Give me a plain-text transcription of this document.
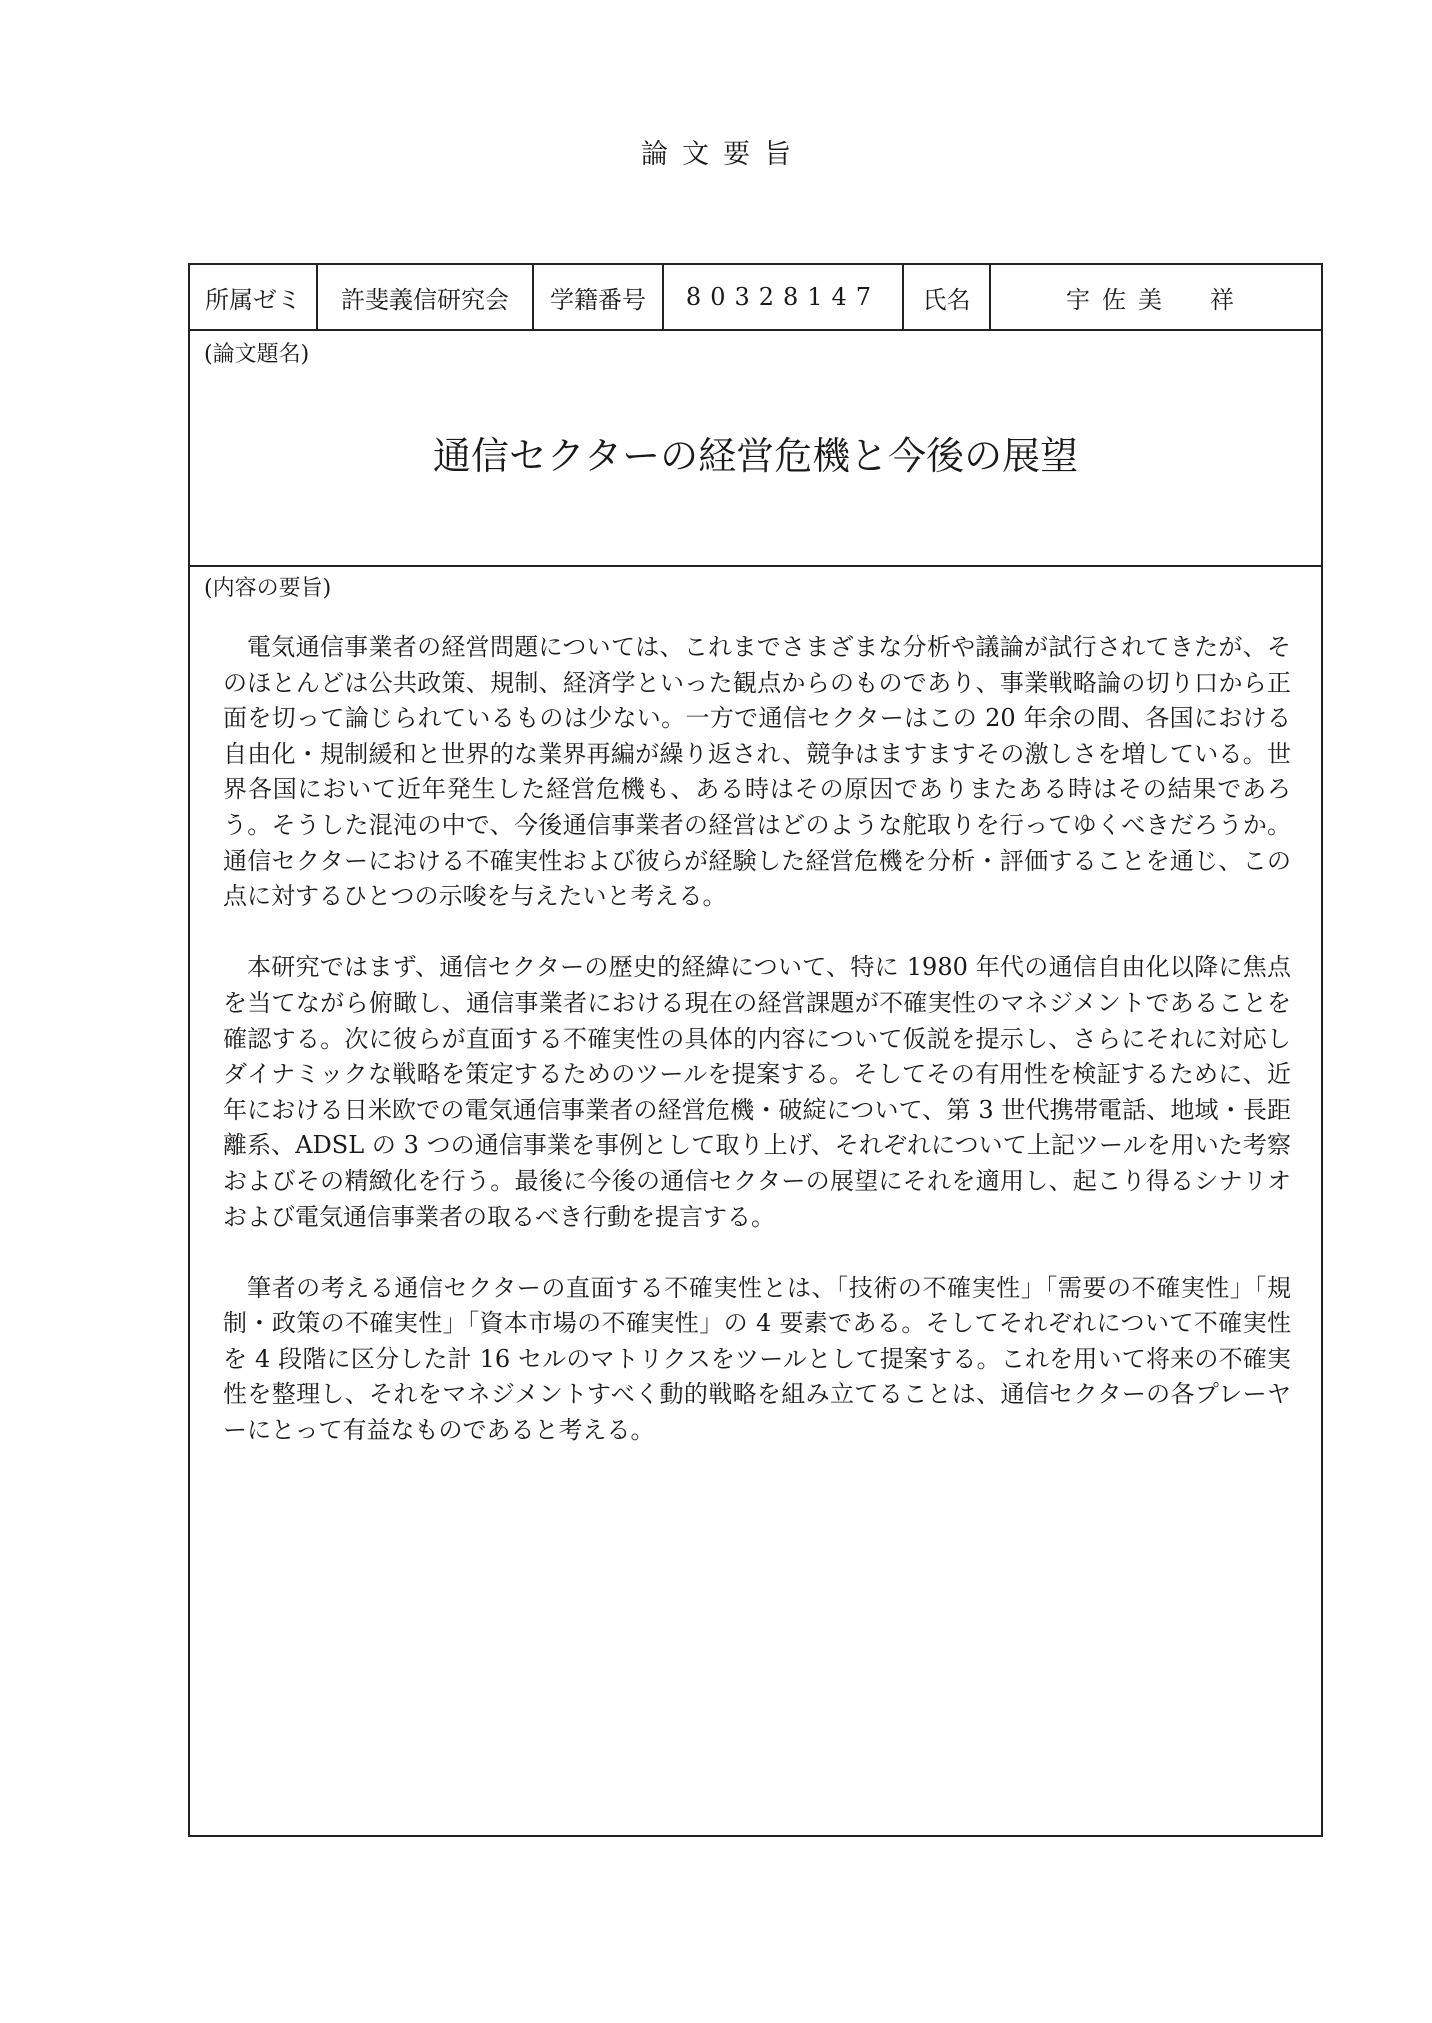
論文要旨
所属ゼミ	許斐義信研究会	学籍番号	80328147	氏名	宇佐美　祥
(論文題名)
通信セクターの経営危機と今後の展望
(内容の要旨)

電気通信事業者の経営問題については、これまでさまざまな分析や議論が試行されてきたが、そのほとんどは公共政策、規制、経済学といった観点からのものであり、事業戦略論の切り口から正面を切って論じられているものは少ない。一方で通信セクターはこの 20 年余の間、各国における自由化・規制緩和と世界的な業界再編が繰り返され、競争はますますその激しさを増している。世界各国において近年発生した経営危機も、ある時はその原因でありまたある時はその結果であろう。そうした混沌の中で、今後通信事業者の経営はどのような舵取りを行ってゆくべきだろうか。通信セクターにおける不確実性および彼らが経験した経営危機を分析・評価することを通じ、この点に対するひとつの示唆を与えたいと考える。

本研究ではまず、通信セクターの歴史的経緯について、特に 1980 年代の通信自由化以降に焦点を当てながら俯瞰し、通信事業者における現在の経営課題が不確実性のマネジメントであることを確認する。次に彼らが直面する不確実性の具体的内容について仮説を提示し、さらにそれに対応しダイナミックな戦略を策定するためのツールを提案する。そしてその有用性を検証するために、近年における日米欧での電気通信事業者の経営危機・破綻について、第 3 世代携帯電話、地域・長距離系、ADSL の 3 つの通信事業を事例として取り上げ、それぞれについて上記ツールを用いた考察およびその精緻化を行う。最後に今後の通信セクターの展望にそれを適用し、起こり得るシナリオおよび電気通信事業者の取るべき行動を提言する。

筆者の考える通信セクターの直面する不確実性とは、「技術の不確実性」「需要の不確実性」「規制・政策の不確実性」「資本市場の不確実性」の 4 要素である。そしてそれぞれについて不確実性を 4 段階に区分した計 16 セルのマトリクスをツールとして提案する。これを用いて将来の不確実性を整理し、それをマネジメントすべく動的戦略を組み立てることは、通信セクターの各プレーヤーにとって有益なものであると考える。
